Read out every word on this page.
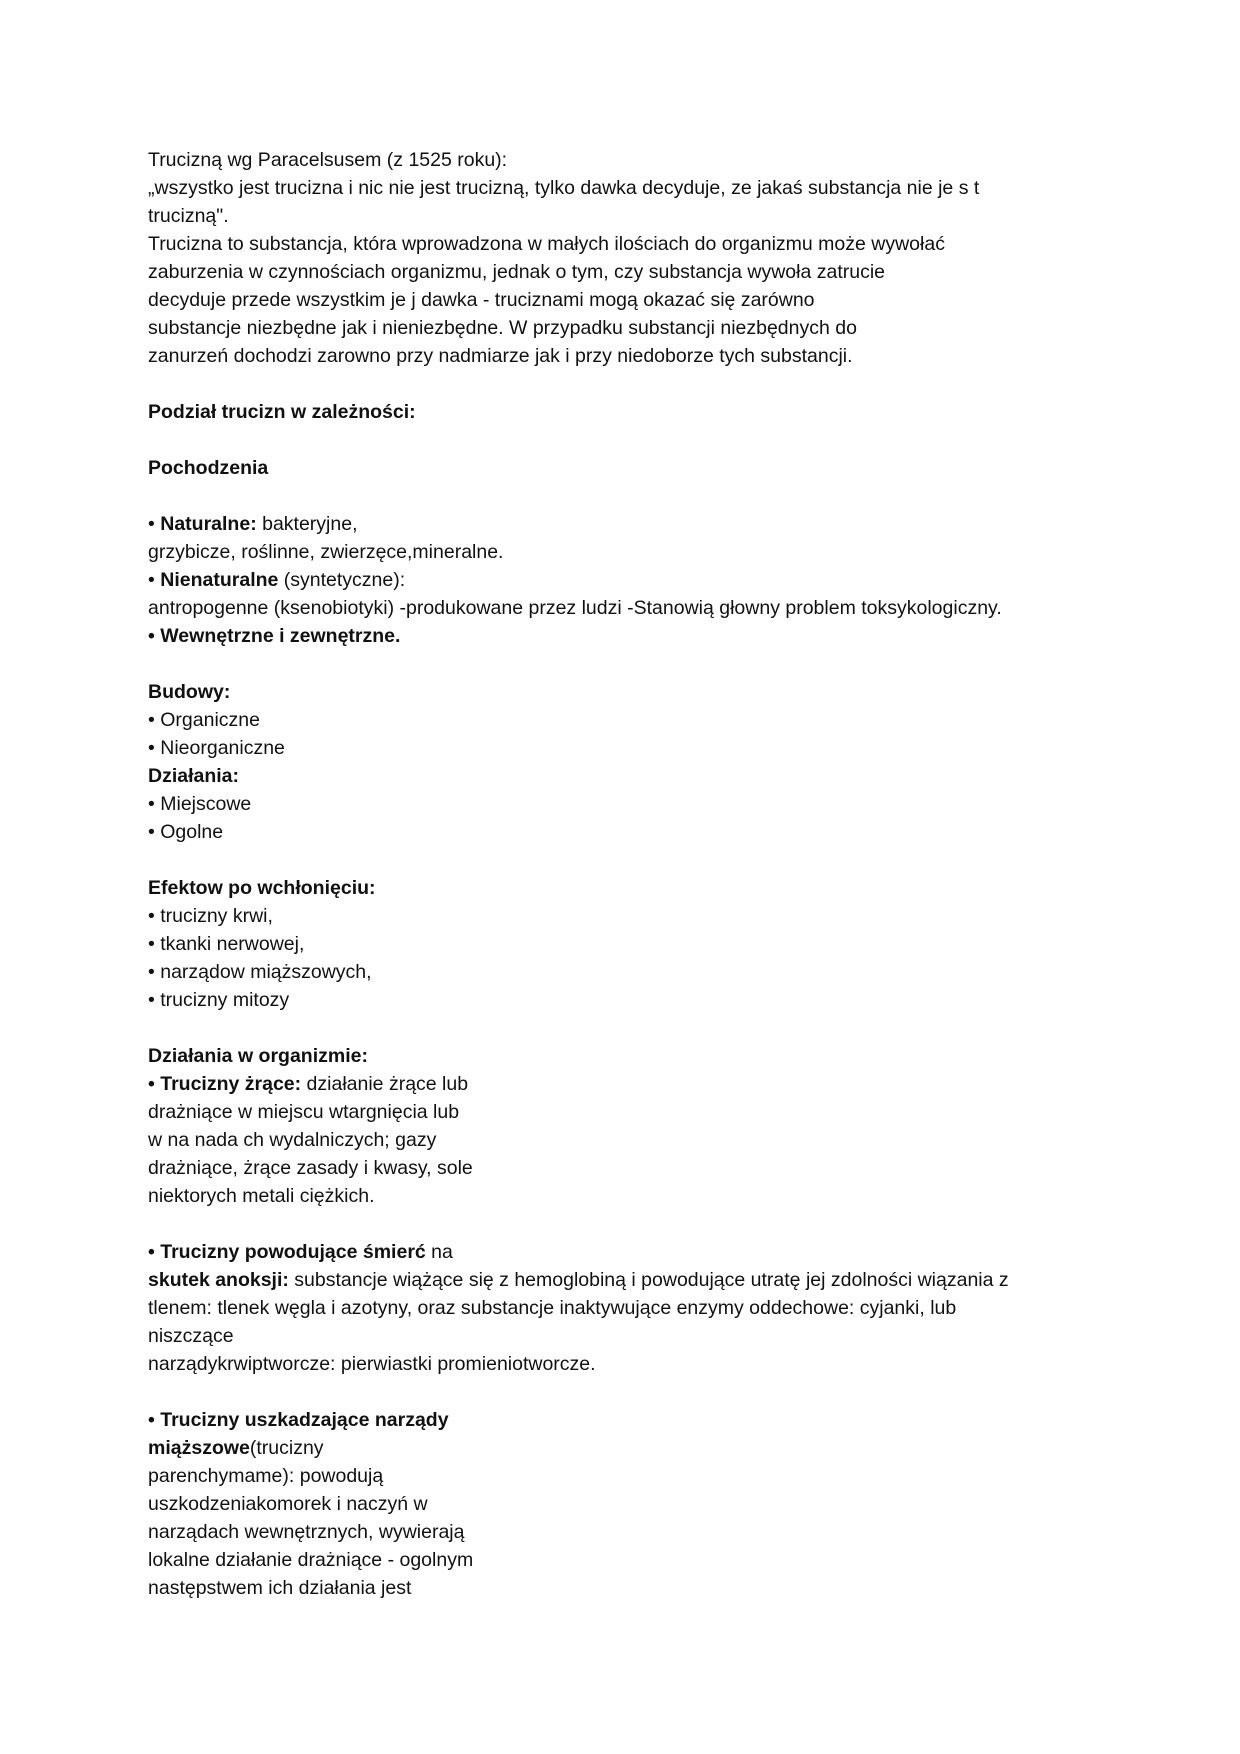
Trucizną wg Paracelsusem (z 1525 roku):
„wszystko jest trucizna i nic nie jest trucizną, tylko dawka decyduje, ze jakaś substancja nie je s t
trucizną".
Trucizna to substancja, która wprowadzona w małych ilościach do organizmu może wywołać
zaburzenia w czynnościach organizmu, jednak o tym, czy substancja wywoła zatrucie
decyduje przede wszystkim je j dawka - truciznami mogą okazać się zarówno
substancje niezbędne jak i nieniezbędne. W przypadku substancji niezbędnych do
zanurzeń dochodzi zarowno przy nadmiarze jak i przy niedoborze tych substancji.
Podział trucizn w zależności:
Pochodzenia
• Naturalne: bakteryjne,
grzybicze, roślinne, zwierzęce,mineralne.
• Nienaturalne (syntetyczne):
antropogenne (ksenobiotyki) -produkowane przez ludzi -Stanowią głowny problem toksykologiczny.
• Wewnętrzne i zewnętrzne.
Budowy:
• Organiczne
• Nieorganiczne
Działania:
• Miejscowe
• Ogolne
Efektow po wchłonięciu:
• trucizny krwi,
• tkanki nerwowej,
• narządow miąższowych,
• trucizny mitozy
Działania w organizmie:
• Trucizny żrące: działanie żrące lub
drażniące w miejscu wtargnięcia lub
w na nada ch wydalniczych; gazy
drażniące, żrące zasady i kwasy, sole
niektorych metali ciężkich.
• Trucizny powodujące śmierć na
skutek anoksji: substancje wiążące się z hemoglobiną i powodujące utratę jej zdolności wiązania z
tlenem: tlenek węgla i azotyny, oraz substancje inaktywujące enzymy oddechowe: cyjanki, lub
niszczące
narządykrwiptworcze: pierwiastki promieniotworcze.
• Trucizny uszkadzające narządy
miąższowe(trucizny
parenchymame): powodują
uszkodzeniakomorek i naczyń w
narządach wewnętrznych, wywierają
lokalne działanie drażniące - ogolnym
następstwem ich działania jest
